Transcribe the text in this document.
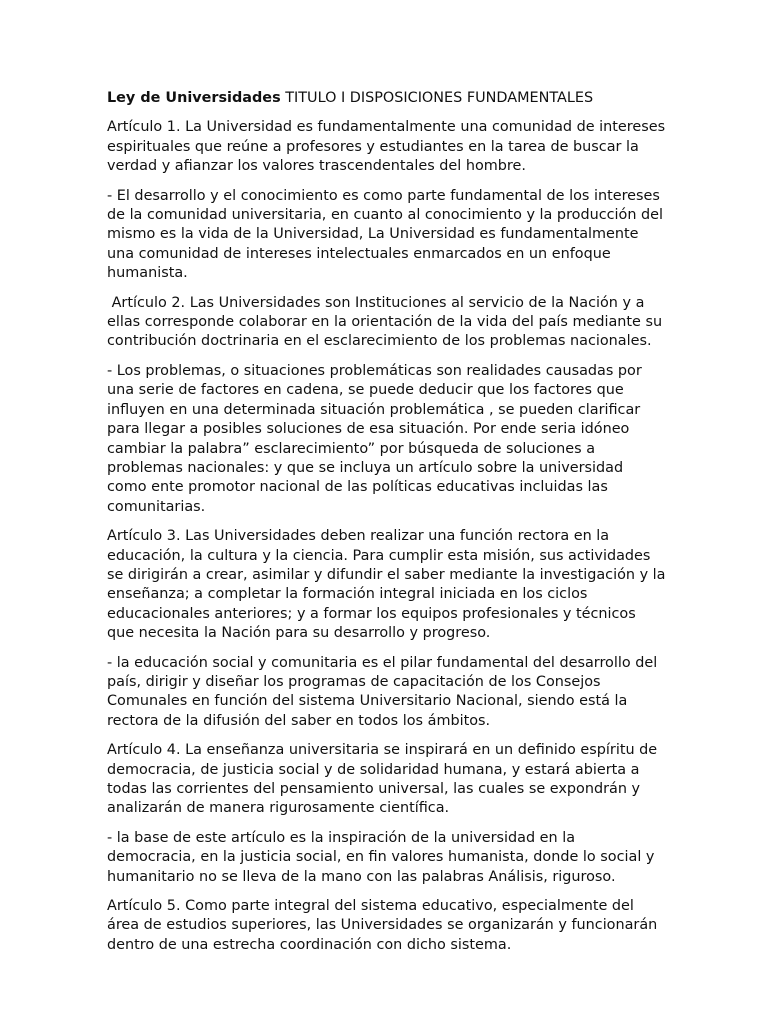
Ley de Universidades TITULO I DISPOSICIONES FUNDAMENTALES

Artículo 1. La Universidad es fundamentalmente una comunidad de intereses espirituales que reúne a profesores y estudiantes en la tarea de buscar la verdad y afianzar los valores trascendentales del hombre.

- El desarrollo y el conocimiento es como parte fundamental de los intereses de la comunidad universitaria, en cuanto al conocimiento y la producción del mismo es la vida de la Universidad, La Universidad es fundamentalmente una comunidad de intereses intelectuales enmarcados en un enfoque humanista.

Artículo 2. Las Universidades son Instituciones al servicio de la Nación y a ellas corresponde colaborar en la orientación de la vida del país mediante su contribución doctrinaria en el esclarecimiento de los problemas nacionales.

- Los problemas, o situaciones problemáticas son realidades causadas por una serie de factores en cadena, se puede deducir que los factores que influyen en una determinada situación problemática , se pueden clarificar para llegar a posibles soluciones de esa situación. Por ende seria idóneo cambiar la palabra” esclarecimiento” por búsqueda de soluciones a problemas nacionales: y que se incluya un artículo sobre la universidad como ente promotor nacional de las políticas educativas incluidas las comunitarias.

Artículo 3. Las Universidades deben realizar una función rectora en la educación, la cultura y la ciencia. Para cumplir esta misión, sus actividades se dirigirán a crear, asimilar y difundir el saber mediante la investigación y la enseñanza; a completar la formación integral iniciada en los ciclos educacionales anteriores; y a formar los equipos profesionales y técnicos que necesita la Nación para su desarrollo y progreso.

- la educación social y comunitaria es el pilar fundamental del desarrollo del país, dirigir y diseñar los programas de capacitación de los Consejos Comunales en función del sistema Universitario Nacional, siendo está la rectora de la difusión del saber en todos los ámbitos.

Artículo 4. La enseñanza universitaria se inspirará en un definido espíritu de democracia, de justicia social y de solidaridad humana, y estará abierta a todas las corrientes del pensamiento universal, las cuales se expondrán y analizarán de manera rigurosamente científica.

- la base de este artículo es la inspiración de la universidad en la democracia, en la justicia social, en fin valores humanista, donde lo social y humanitario no se lleva de la mano con las palabras Análisis, riguroso.

Artículo 5. Como parte integral del sistema educativo, especialmente del área de estudios superiores, las Universidades se organizarán y funcionarán dentro de una estrecha coordinación con dicho sistema.
